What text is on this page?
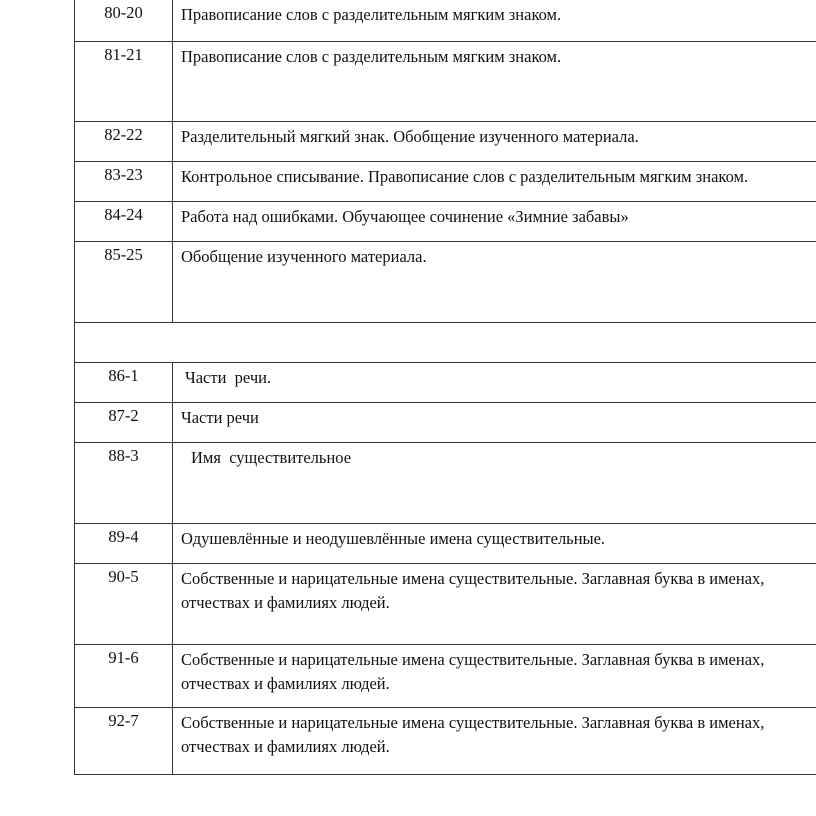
80-20	Правописание слов с разделительным мягким знаком.
81-21	Правописание слов с разделительным мягким знаком.
82-22	Разделительный мягкий знак. Обобщение изученного материала.
83-23	Контрольное списывание. Правописание слов с разделительным мягким знаком.
84-24	Работа над ошибками. Обучающее сочинение «Зимние забавы»
85-25	Обобщение изученного материала.

86-1	Части  речи.
87-2	Части речи
88-3	Имя  существительное
89-4	Одушевлённые и неодушевлённые имена существительные.
90-5	Собственные и нарицательные имена существительные. Заглавная буква в именах, отчествах и фамилиях людей.
91-6	Собственные и нарицательные имена существительные. Заглавная буква в именах, отчествах и фамилиях людей.
92-7	Собственные и нарицательные имена существительные. Заглавная буква в именах, отчествах и фамилиях людей.
